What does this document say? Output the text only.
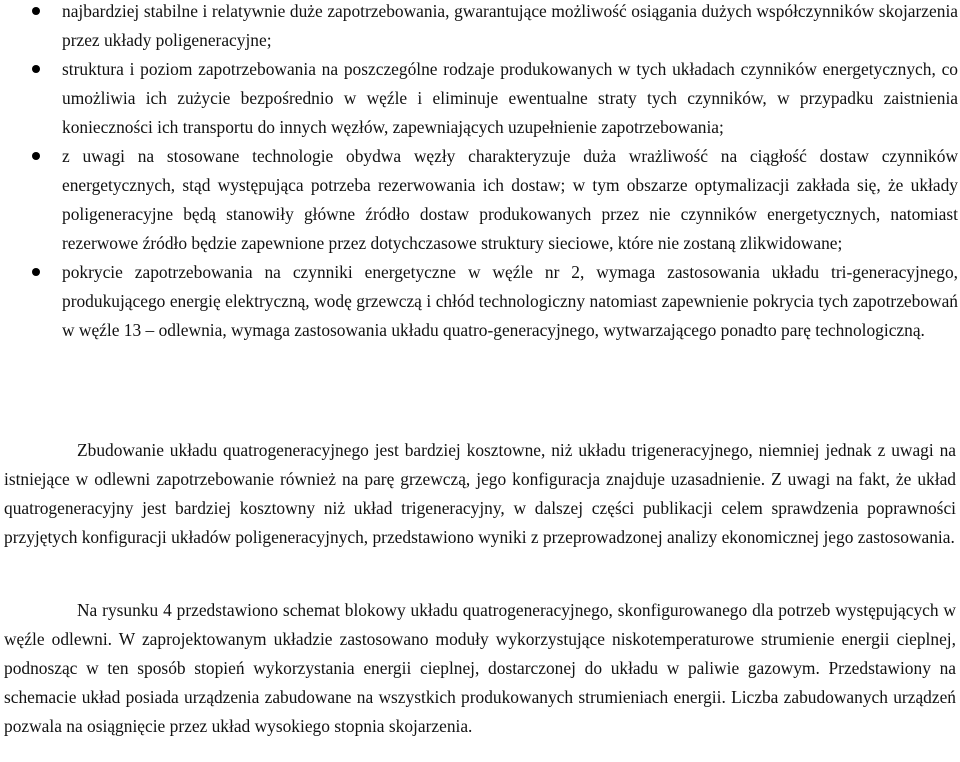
najbardziej stabilne i relatywnie duże zapotrzebowania, gwarantujące możliwość osiągania dużych współczynników skojarzenia przez układy poligeneracyjne;
struktura i poziom zapotrzebowania na poszczególne rodzaje produkowanych w tych układach czynników energetycznych, co umożliwia ich zużycie bezpośrednio w węźle i eliminuje ewentualne straty tych czynników, w przypadku zaistnienia konieczności ich transportu do innych węzłów, zapewniających uzupełnienie zapotrzebowania;
z uwagi na stosowane technologie obydwa węzły charakteryzuje duża wrażliwość na ciągłość dostaw czynników energetycznych, stąd występująca potrzeba rezerwowania ich dostaw; w tym obszarze optymalizacji zakłada się, że układy poligeneracyjne będą stanowiły główne źródło dostaw produkowanych przez nie czynników energetycznych, natomiast rezerwowe źródło będzie zapewnione przez dotychczasowe struktury sieciowe, które nie zostaną zlikwidowane;
pokrycie zapotrzebowania na czynniki energetyczne w węźle nr 2, wymaga zastosowania układu tri-generacyjnego, produkującego energię elektryczną, wodę grzewczą i chłód technologiczny natomiast zapewnienie pokrycia tych zapotrzebowań w węźle 13 – odlewnia, wymaga zastosowania układu quatro-generacyjnego, wytwarzającego ponadto parę technologiczną.

Zbudowanie układu quatrogeneracyjnego jest bardziej kosztowne, niż układu trigeneracyjnego, niemniej jednak z uwagi na istniejące w odlewni zapotrzebowanie również na parę grzewczą, jego konfiguracja znajduje uzasadnienie. Z uwagi na fakt, że układ quatrogeneracyjny jest bardziej kosztowny niż układ trigeneracyjny, w dalszej części publikacji celem sprawdzenia poprawności przyjętych konfiguracji układów poligeneracyjnych, przedstawiono wyniki z przeprowadzonej analizy ekonomicznej jego zastosowania.

Na rysunku 4 przedstawiono schemat blokowy układu quatrogeneracyjnego, skonfigurowanego dla potrzeb występujących w węźle odlewni. W zaprojektowanym układzie zastosowano moduły wykorzystujące niskotemperaturowe strumienie energii cieplnej, podnosząc w ten sposób stopień wykorzystania energii cieplnej, dostarczonej do układu w paliwie gazowym. Przedstawiony na schemacie układ posiada urządzenia zabudowane na wszystkich produkowanych strumieniach energii. Liczba zabudowanych urządzeń pozwala na osiągnięcie przez układ wysokiego stopnia skojarzenia.
